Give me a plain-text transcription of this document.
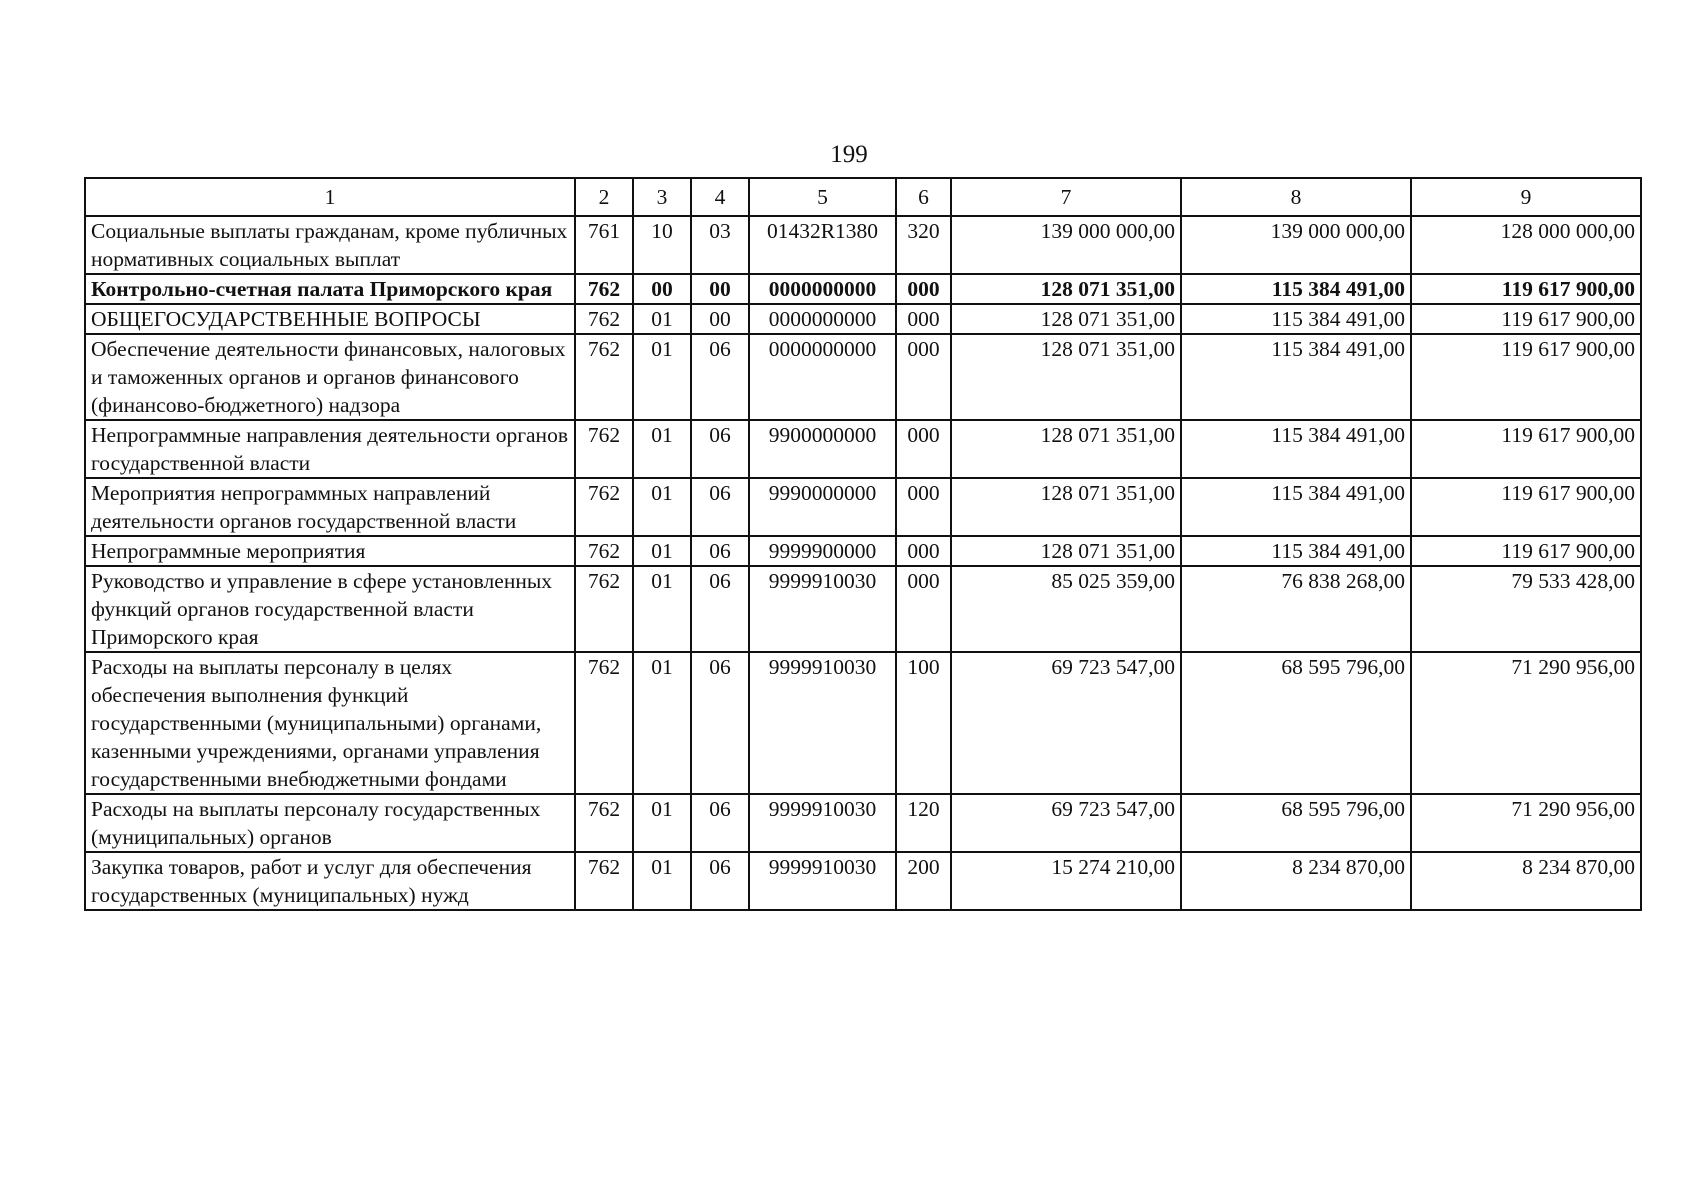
199
1	2	3	4	5	6	7	8	9
Социальные выплаты гражданам, кроме публичных нормативных социальных выплат	761	10	03	01432R1380	320	139 000 000,00	139 000 000,00	128 000 000,00
Контрольно-счетная палата Приморского края	762	00	00	0000000000	000	128 071 351,00	115 384 491,00	119 617 900,00
ОБЩЕГОСУДАРСТВЕННЫЕ ВОПРОСЫ	762	01	00	0000000000	000	128 071 351,00	115 384 491,00	119 617 900,00
Обеспечение деятельности финансовых, налоговых и таможенных органов и органов финансового (финансово-бюджетного) надзора	762	01	06	0000000000	000	128 071 351,00	115 384 491,00	119 617 900,00
Непрограммные направления деятельности органов государственной власти	762	01	06	9900000000	000	128 071 351,00	115 384 491,00	119 617 900,00
Мероприятия непрограммных направлений деятельности органов государственной власти	762	01	06	9990000000	000	128 071 351,00	115 384 491,00	119 617 900,00
Непрограммные мероприятия	762	01	06	9999900000	000	128 071 351,00	115 384 491,00	119 617 900,00
Руководство и управление в сфере установленных функций органов государственной власти Приморского края	762	01	06	9999910030	000	85 025 359,00	76 838 268,00	79 533 428,00
Расходы на выплаты персоналу в целях обеспечения выполнения функций государственными (муниципальными) органами, казенными учреждениями, органами управления государственными внебюджетными фондами	762	01	06	9999910030	100	69 723 547,00	68 595 796,00	71 290 956,00
Расходы на выплаты персоналу государственных (муниципальных) органов	762	01	06	9999910030	120	69 723 547,00	68 595 796,00	71 290 956,00
Закупка товаров, работ и услуг для обеспечения государственных (муниципальных) нужд	762	01	06	9999910030	200	15 274 210,00	8 234 870,00	8 234 870,00
